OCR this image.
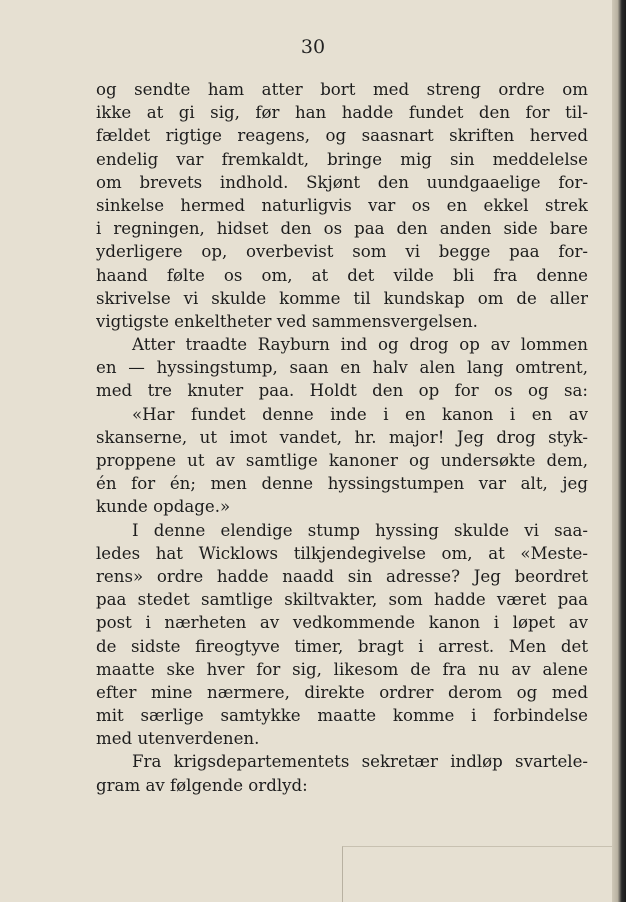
30
og sendte ham atter bort med streng ordre om
ikke at gi sig, før han hadde fundet den for til-
fældet rigtige reagens, og saasnart skriften herved
endelig var fremkaldt, bringe mig sin meddelelse
om brevets indhold. Skjønt den uundgaaelige for-
sinkelse hermed naturligvis var os en ekkel strek
i regningen, hidset den os paa den anden side bare
yderligere op, overbevist som vi begge paa for-
haand følte os om, at det vilde bli fra denne
skrivelse vi skulde komme til kundskap om de aller
vigtigste enkeltheter ved sammensvergelsen.
Atter traadte Rayburn ind og drog op av lommen
en — hyssingstump, saan en halv alen lang omtrent,
med tre knuter paa. Holdt den op for os og sa:
«Har fundet denne inde i en kanon i en av
skanserne, ut imot vandet, hr. major! Jeg drog styk-
proppene ut av samtlige kanoner og undersøkte dem,
én for én; men denne hyssingstumpen var alt, jeg
kunde opdage.»
I denne elendige stump hyssing skulde vi saa-
ledes hat Wicklows tilkjendegivelse om, at «Meste-
rens» ordre hadde naadd sin adresse? Jeg beordret
paa stedet samtlige skiltvakter, som hadde været paa
post i nærheten av vedkommende kanon i løpet av
de sidste fireogtyve timer, bragt i arrest. Men det
maatte ske hver for sig, likesom de fra nu av alene
efter mine nærmere, direkte ordrer derom og med
mit særlige samtykke maatte komme i forbindelse
med utenverdenen.
Fra krigsdepartementets sekretær indløp svartele-
gram av følgende ordlyd:
